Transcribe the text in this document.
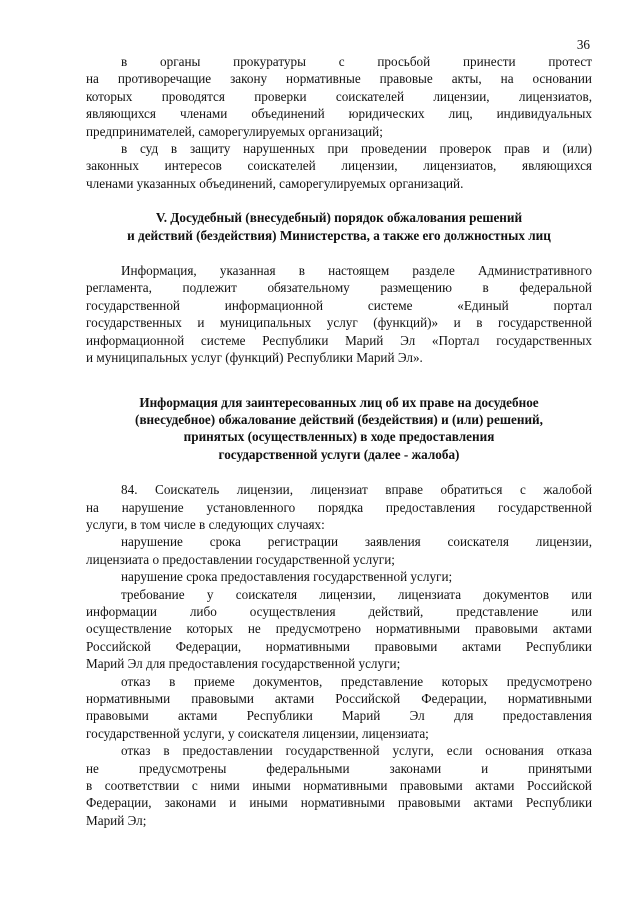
36

в органы прокуратуры с просьбой принести протест

на противоречащие закону нормативные правовые акты, на основании

которых проводятся проверки соискателей лицензии, лицензиатов,

являющихся членами объединений юридических лиц, индивидуальных

предпринимателей, саморегулируемых организаций;

в суд в защиту нарушенных при проведении проверок прав и (или)

законных интересов соискателей лицензии, лицензиатов, являющихся

членами указанных объединений, саморегулируемых организаций.

V. Досудебный (внесудебный) порядок обжалования решений
и действий (бездействия) Министерства, а также его должностных лиц

Информация, указанная в настоящем разделе Административного

регламента, подлежит обязательному размещению в федеральной

государственной информационной системе «Единый портал

государственных и муниципальных услуг (функций)» и в государственной

информационной системе Республики Марий Эл «Портал государственных

и муниципальных услуг (функций) Республики Марий Эл».

Информация для заинтересованных лиц об их праве на досудебное
(внесудебное) обжалование действий (бездействия) и (или) решений,
принятых (осуществленных) в ходе предоставления
государственной услуги (далее - жалоба)

84. Соискатель лицензии, лицензиат вправе обратиться с жалобой

на нарушение установленного порядка предоставления государственной

услуги, в том числе в следующих случаях:

нарушение срока регистрации заявления соискателя лицензии,

лицензиата о предоставлении государственной услуги;

нарушение срока предоставления государственной услуги;

требование у соискателя лицензии, лицензиата документов или

информации либо осуществления действий, представление или

осуществление которых не предусмотрено нормативными правовыми актами

Российской Федерации, нормативными правовыми актами Республики

Марий Эл для предоставления государственной услуги;

отказ в приеме документов, представление которых предусмотрено

нормативными правовыми актами Российской Федерации, нормативными

правовыми актами Республики Марий Эл для предоставления

государственной услуги, у соискателя лицензии, лицензиата;

отказ в предоставлении государственной услуги, если основания отказа

не предусмотрены федеральными законами и принятыми

в соответствии с ними иными нормативными правовыми актами Российской

Федерации, законами и иными нормативными правовыми актами Республики

Марий Эл;
